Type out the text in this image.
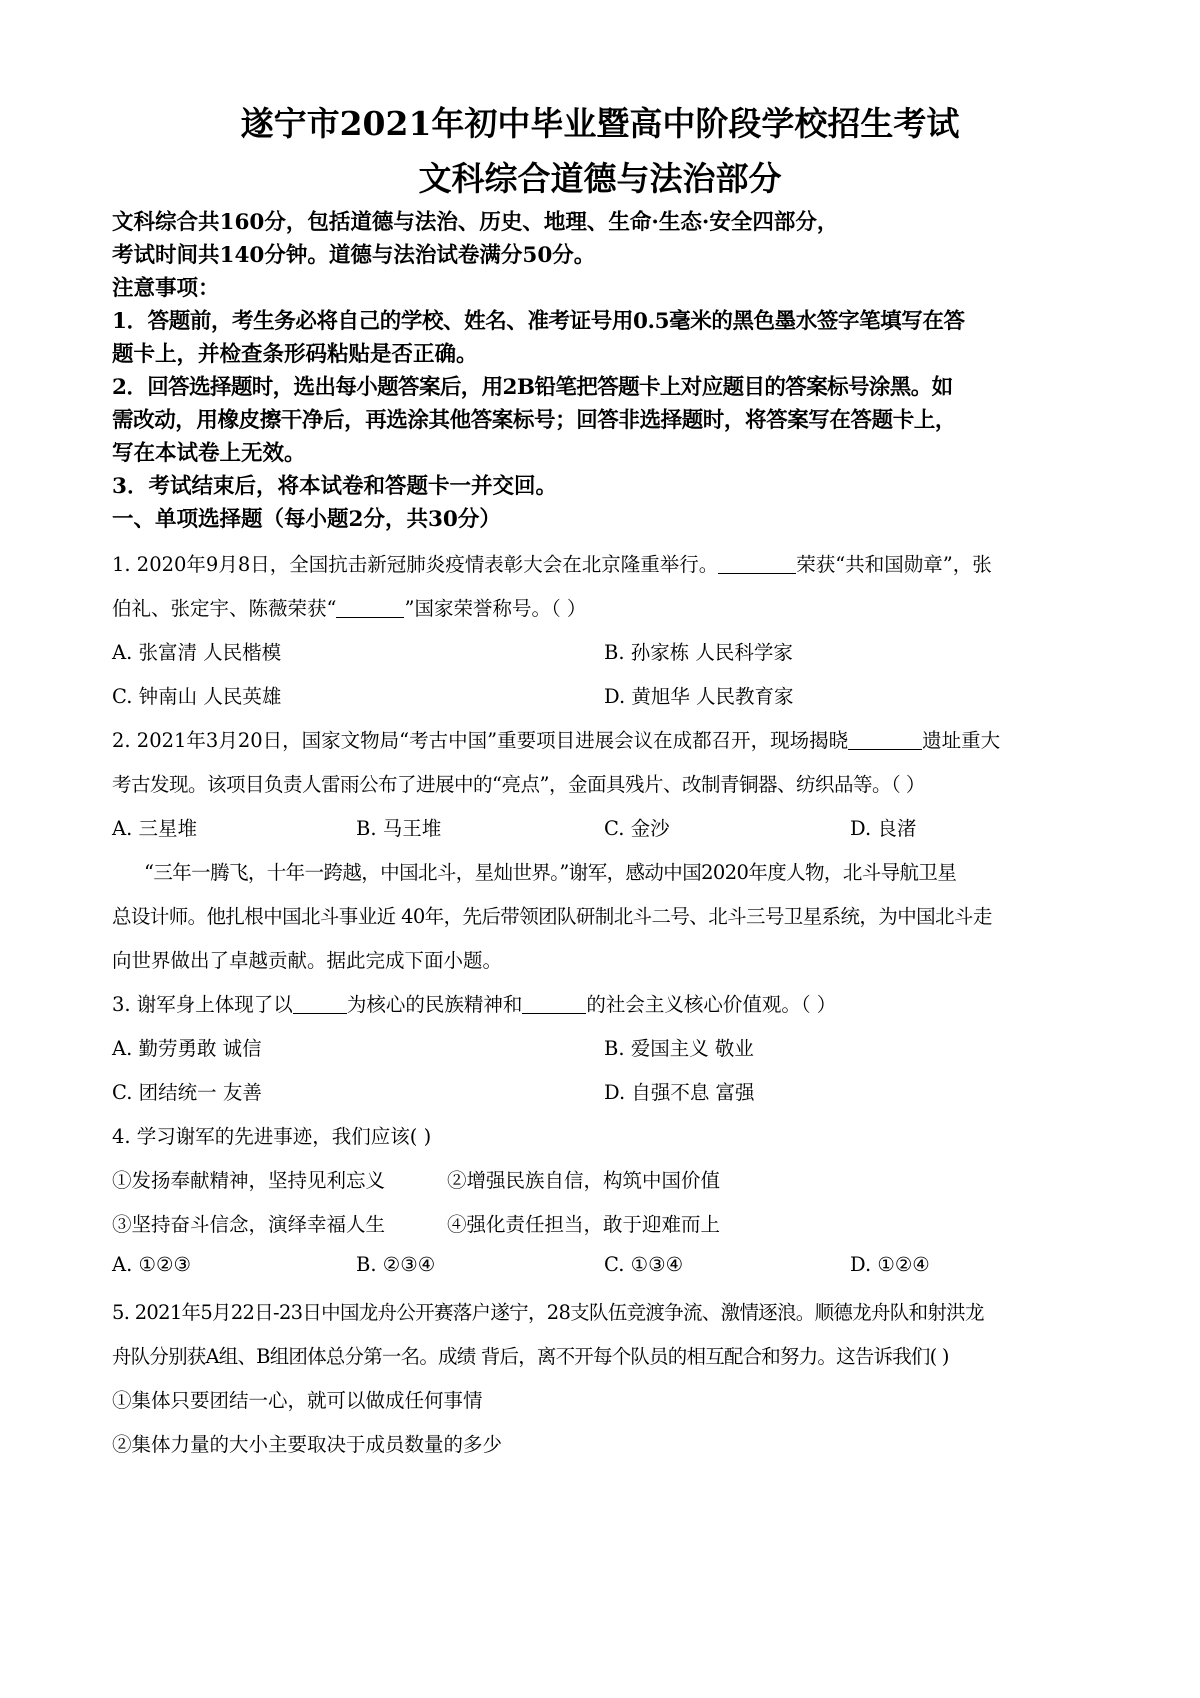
遂宁市2021年初中毕业暨高中阶段学校招生考试
文科综合道德与法治部分
文科综合共160分，包括道德与法治、历史、地理、生命·生态·安全四部分，
考试时间共140分钟。道德与法治试卷满分50分。
注意事项：
1．答题前，考生务必将自己的学校、姓名、准考证号用0.5毫米的黑色墨水签字笔填写在答
题卡上，并检查条形码粘贴是否正确。
2．回答选择题时，选出每小题答案后，用2B铅笔把答题卡上对应题目的答案标号涂黑。如
需改动，用橡皮擦干净后，再选涂其他答案标号；回答非选择题时，将答案写在答题卡上，
写在本试卷上无效。
3．考试结束后，将本试卷和答题卡一并交回。
一、单项选择题（每小题2分，共30分）
1. 2020年9月8日，全国抗击新冠肺炎疫情表彰大会在北京隆重举行。	荣获“共和国勋章”，张
伯礼、张定宇、陈薇荣获“	”国家荣誉称号。（ ）
A. 张富清 人民楷模	B. 孙家栋 人民科学家
C. 钟南山 人民英雄	D. 黄旭华 人民教育家
2. 2021年3月20日，国家文物局“考古中国”重要项目进展会议在成都召开，现场揭晓	遗址重大
考古发现。该项目负责人雷雨公布了进展中的“亮点”，金面具残片、改制青铜器、纺织品等。（ ）
A. 三星堆	B. 马王堆	C. 金沙	D. 良渚
“三年一腾飞，十年一跨越，中国北斗，星灿世界。”谢军，感动中国2020年度人物，北斗导航卫星
总设计师。他扎根中国北斗事业近 40年，先后带领团队研制北斗二号、北斗三号卫星系统，为中国北斗走
向世界做出了卓越贡献。据此完成下面小题。
3. 谢军身上体现了以	为核心的民族精神和	的社会主义核心价值观。（ ）
A. 勤劳勇敢 诚信	B. 爱国主义 敬业
C. 团结统一 友善	D. 自强不息 富强
4. 学习谢军的先进事迹，我们应该( )
①发扬奉献精神，坚持见利忘义	②增强民族自信，构筑中国价值
③坚持奋斗信念，演绎幸福人生	④强化责任担当，敢于迎难而上
A. ①②③	B. ②③④	C. ①③④	D. ①②④
5. 2021年5月22日-23日中国龙舟公开赛落户遂宁，28支队伍竞渡争流、激情逐浪。顺德龙舟队和射洪龙
舟队分别获A组、B组团体总分第一名。成绩 背后，离不开每个队员的相互配合和努力。这告诉我们( )
①集体只要团结一心，就可以做成任何事情
②集体力量的大小主要取决于成员数量的多少
